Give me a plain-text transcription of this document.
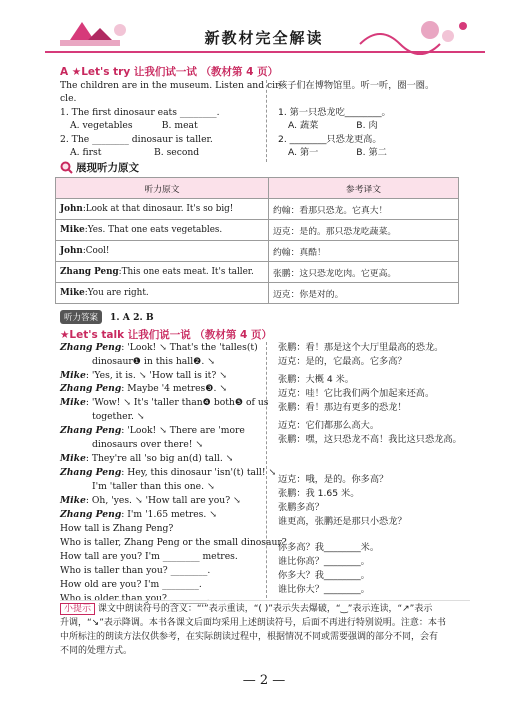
新教材完全解读
A ★Let's try 让我们试一试 （教材第 4 页）
The children are in the museum. Listen and cir-
cle.
1. The first dinosaur eats ________.
A. vegetables          B. meat
2. The ________ dinosaur is taller.
A. first                  B. second
孩子们在博物馆里。听一听，圈一圈。
1. 第一只恐龙吃________。
A. 蔬菜             B. 肉
2. ________只恐龙更高。
A. 第一             B. 第二
展现听力原文
听力原文	参考译文
John:Look at that dinosaur. It's so big!	约翰：看那只恐龙。它真大！
Mike:Yes. That one eats vegetables.	迈克：是的。那只恐龙吃蔬菜。
John:Cool!	约翰：真酷！
Zhang Peng:This one eats meat. It's taller.	张鹏：这只恐龙吃肉。它更高。
Mike:You are right.	迈克：你是对的。
听力答案	1. A 2. B
★Let's talk 让我们说一说 （教材第 4 页）
Zhang Peng: 'Look! ↘ That's the 'talles(t)
dinosaur❶ in this hall❷. ↘
Mike: 'Yes, it is. ↘ 'How tall is it? ↘
Zhang Peng: Maybe '4 metres❸. ↘
Mike: 'Wow! ↘ It's 'taller than❹ both❺ of us
together. ↘
Zhang Peng: 'Look! ↘ There are 'more
dinosaurs over there! ↘
Mike: They're all 'so big an(d) tall. ↘
Zhang Peng: Hey, this dinosaur 'isn'(t) tall! ↘
I'm 'taller than this one. ↘
Mike: Oh, 'yes. ↘ 'How tall are you? ↘
Zhang Peng: I'm '1.65 metres. ↘
How tall is Zhang Peng?
Who is taller, Zhang Peng or the small dinosaur?
How tall are you? I'm ________ metres.
Who is taller than you? ________.
How old are you? I'm ________.
Who is older than you? ________.
张鹏：看！那是这个大厅里最高的恐龙。
迈克：是的，它最高。它多高？
张鹏：大概 4 米。
迈克：哇！它比我们两个加起来还高。
张鹏：看！那边有更多的恐龙！
迈克：它们都那么高大。
张鹏：嘿，这只恐龙不高！我比这只恐龙高。
迈克：哦，是的。你多高？
张鹏：我 1.65 米。
张鹏多高？
谁更高，张鹏还是那只小恐龙？
你多高？我________米。
谁比你高？________。
你多大？我________。
谁比你大？________。
小提示 课文中朗读符号的含义：“'”表示重读，“( )”表示失去爆破，“‿”表示连读，“↗”表示
升调，“↘”表示降调。本书各课文后面均采用上述朗读符号，后面不再进行特别说明。注意：本书
中所标注的朗读方法仅供参考，在实际朗读过程中，根据情况不同或需要强调的部分不同，会有
不同的处理方式。
— 2 —
